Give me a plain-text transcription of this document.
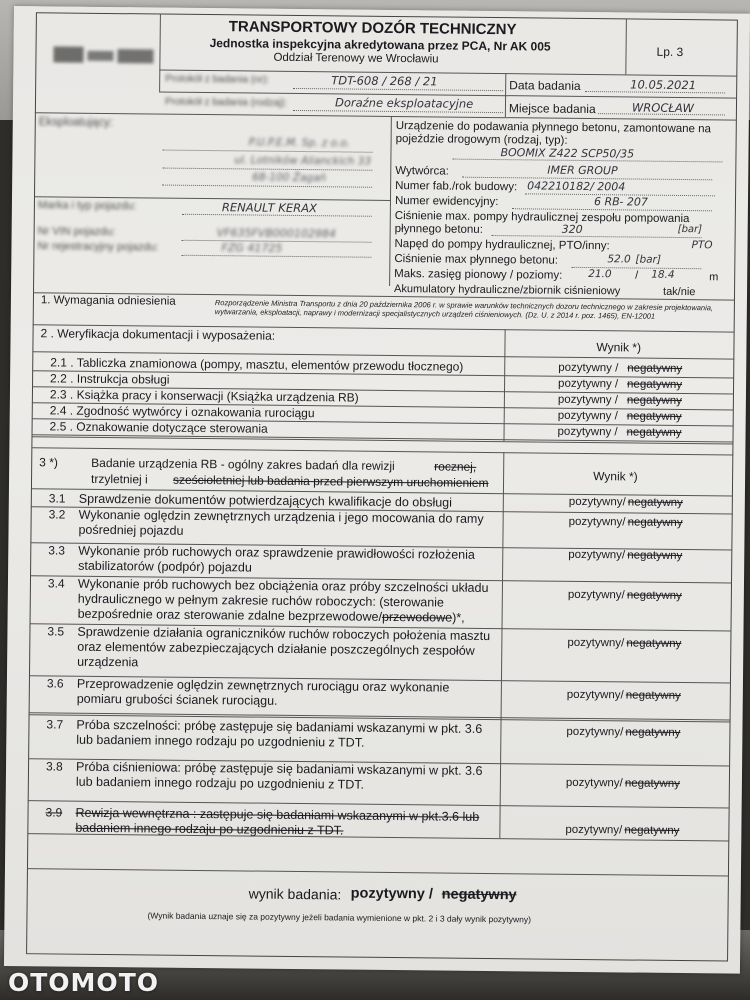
TRANSPORTOWY DOZÓR TECHNICZNY
Jednostka inspekcyjna akredytowana przez PCA, Nr AK 005
Oddział Terenowy we Wrocławiu	Lp. 3
Protokół z badania (nr):	TDT-608 / 268 / 21	Data badania	10.05.2021
Protokół z badania (rodzaj):	Doraźne eksploatacyjne	Miejsce badania	WROCŁAW
Eksploatujący:
P.U.P.E.M. Sp. z o.o.
ul. Lotników Alianckich 33
68-100 Żagań
Marka i typ pojazdu:	RENAULT KERAX
Nr VIN pojazdu:	VF635FVB000102984
Nr rejestracyjny pojazdu:	FZG 41725
Urządzenie do podawania płynnego betonu, zamontowane na pojeździe drogowym (rodzaj, typ):
BOOMIX Z422 SCP50/35
Wytwórca:	IMER GROUP
Numer fab./rok budowy: 042210182/ 2004
Numer ewidencyjny:	6 RB- 207
Ciśnienie max. pompy hydraulicznej zespołu pompowania płynnego betonu:	320	[bar]
Napęd do pompy hydraulicznej, PTO/inny:	PTO
Ciśnienie max płynnego betonu:	52.0 [bar]
Maks. zasięg pionowy / poziomy: 21.0 / 18.4	m
Akumulatory hydrauliczne/zbiornik ciśnieniowy	tak/nie
1. Wymagania odniesienia	Rozporządzenie Ministra Transportu z dnia 20 października 2006 r. w sprawie warunków technicznych dozoru technicznego w zakresie projektowania, wytwarzania, eksploatacji, naprawy i modernizacji specjalistycznych urządzeń ciśnieniowych. (Dz. U. z 2014 r. poz. 1465), EN-12001
2 . Weryfikacja dokumentacji i wyposażenia:
Wynik *)
2.1 . Tabliczka znamionowa (pompy, masztu, elementów przewodu tłocznego)	pozytywny / negatywny
2.2 . Instrukcja obsługi	pozytywny / negatywny
2.3 . Książka pracy i konserwacji (Książka urządzenia RB)	pozytywny / negatywny
2.4 . Zgodność wytwórcy i oznakowania rurociągu	pozytywny / negatywny
2.5 . Oznakowanie dotyczące sterowania	pozytywny / negatywny
3 *)	Badanie urządzenia RB - ogólny zakres badań dla rewizji	rocznej,
trzyletniej i sześcioletniej lub badania przed pierwszym uruchomieniem	Wynik *)
3.1 Sprawdzenie dokumentów potwierdzających kwalifikacje do obsługi	pozytywny/ negatywny
3.2 Wykonanie oględzin zewnętrznych urządzenia i jego mocowania do ramy pośredniej pojazdu
pozytywny/ negatywny
3.3 Wykonanie prób ruchowych oraz sprawdzenie prawidłowości rozłożenia stabilizatorów (podpór) pojazdu
pozytywny/ negatywny
3.4 Wykonanie prób ruchowych bez obciążenia oraz próby szczelności układu hydraulicznego w pełnym zakresie ruchów roboczych: (sterowanie bezpośrednie oraz sterowanie zdalne bezprzewodowe/przewodowe)*,
pozytywny/ negatywny
3.5 Sprawdzenie działania ograniczników ruchów roboczych położenia masztu oraz elementów zabezpieczających działanie poszczególnych zespołów urządzenia
pozytywny/ negatywny
3.6 Przeprowadzenie oględzin zewnętrznych rurociągu oraz wykonanie pomiaru grubości ścianek rurociągu.	pozytywny/ negatywny
3.7 Próba szczelności: próbę zastępuje się badaniami wskazanymi w pkt. 3.6 lub badaniem innego rodzaju po uzgodnieniu z TDT.
pozytywny/ negatywny
3.8 Próba ciśnieniowa: próbę zastępuje się badaniami wskazanymi w pkt. 3.6 lub badaniem innego rodzaju po uzgodnieniu z TDT.	pozytywny/ negatywny
3.9 Rewizja wewnętrzna : zastępuje się badaniami wskazanymi w pkt.3.6 lub badaniem innego rodzaju po uzgodnieniu z TDT.	pozytywny/ negatywny
wynik badania: pozytywny / negatywny
(Wynik badania uznaje się za pozytywny jeżeli badania wymienione w pkt. 2 i 3 dały wynik pozytywny)
OTOMOTO
